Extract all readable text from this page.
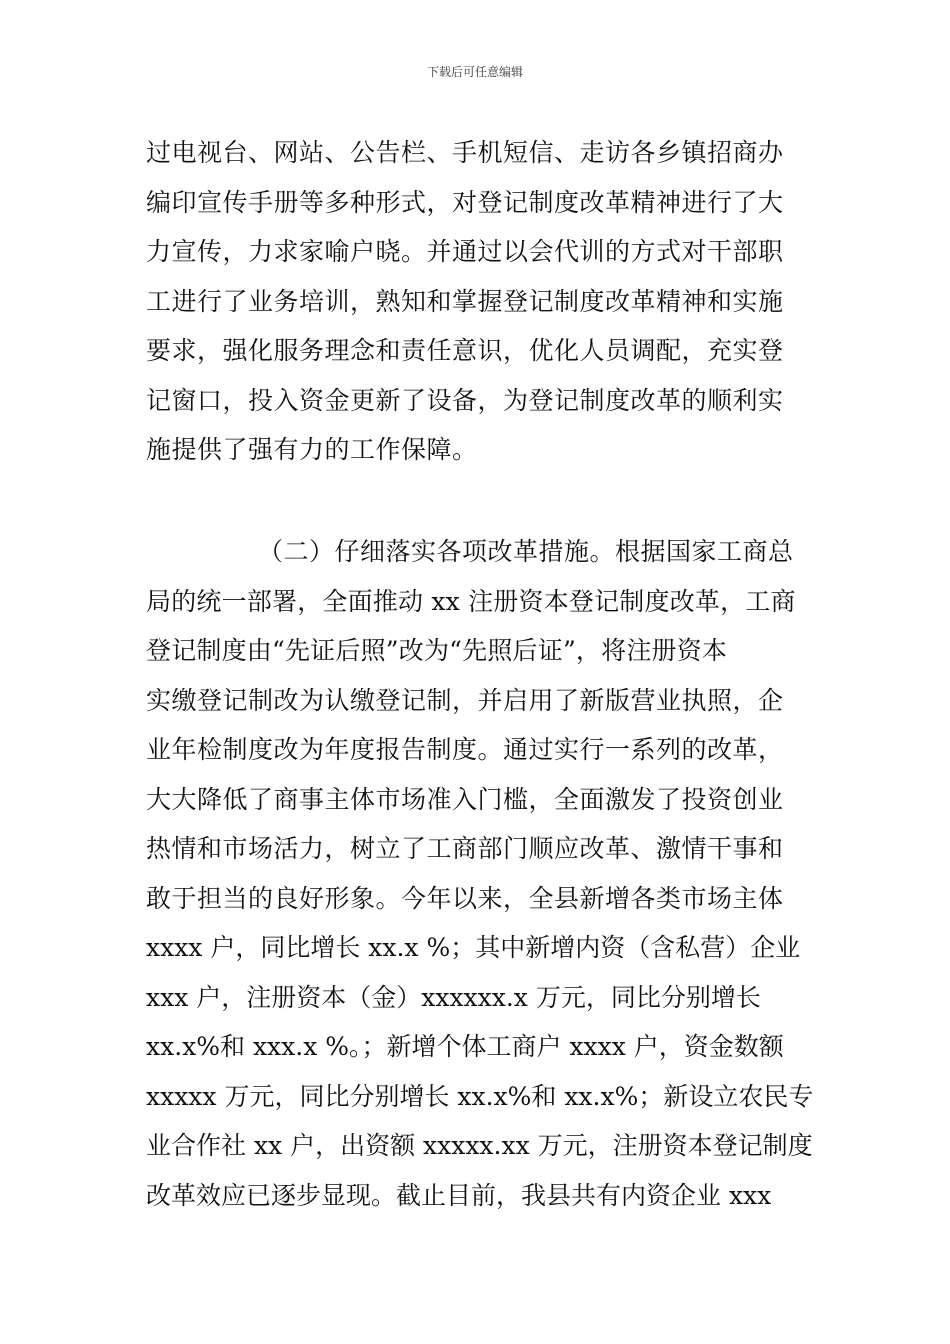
下载后可任意编辑
过电视台、网站、公告栏、手机短信、走访各乡镇招商办
编印宣传手册等多种形式，对登记制度改革精神进行了大
力宣传，力求家喻户晓。并通过以会代训的方式对干部职
工进行了业务培训，熟知和掌握登记制度改革精神和实施
要求，强化服务理念和责任意识，优化人员调配，充实登
记窗口，投入资金更新了设备，为登记制度改革的顺利实
施提供了强有力的工作保障。
（二）仔细落实各项改革措施。根据国家工商总
局的统一部署，全面推动 xx 注册资本登记制度改革，工商
登记制度由“先证后照”改为“先照后证”，将注册资本
实缴登记制改为认缴登记制，并启用了新版营业执照，企
业年检制度改为年度报告制度。通过实行一系列的改革，
大大降低了商事主体市场准入门槛，全面激发了投资创业
热情和市场活力，树立了工商部门顺应改革、激情干事和
敢于担当的良好形象。今年以来，全县新增各类市场主体
xxxx 户，同比增长 xx.x %；其中新增内资（含私营）企业
xxx 户，注册资本（金）xxxxxx.x 万元，同比分别增长
xx.x%和 xxx.x %。；新增个体工商户 xxxx 户，资金数额
xxxxx 万元，同比分别增长 xx.x%和 xx.x%；新设立农民专
业合作社 xx 户，出资额 xxxxx.xx 万元，注册资本登记制度
改革效应已逐步显现。截止目前，我县共有内资企业 xxx
